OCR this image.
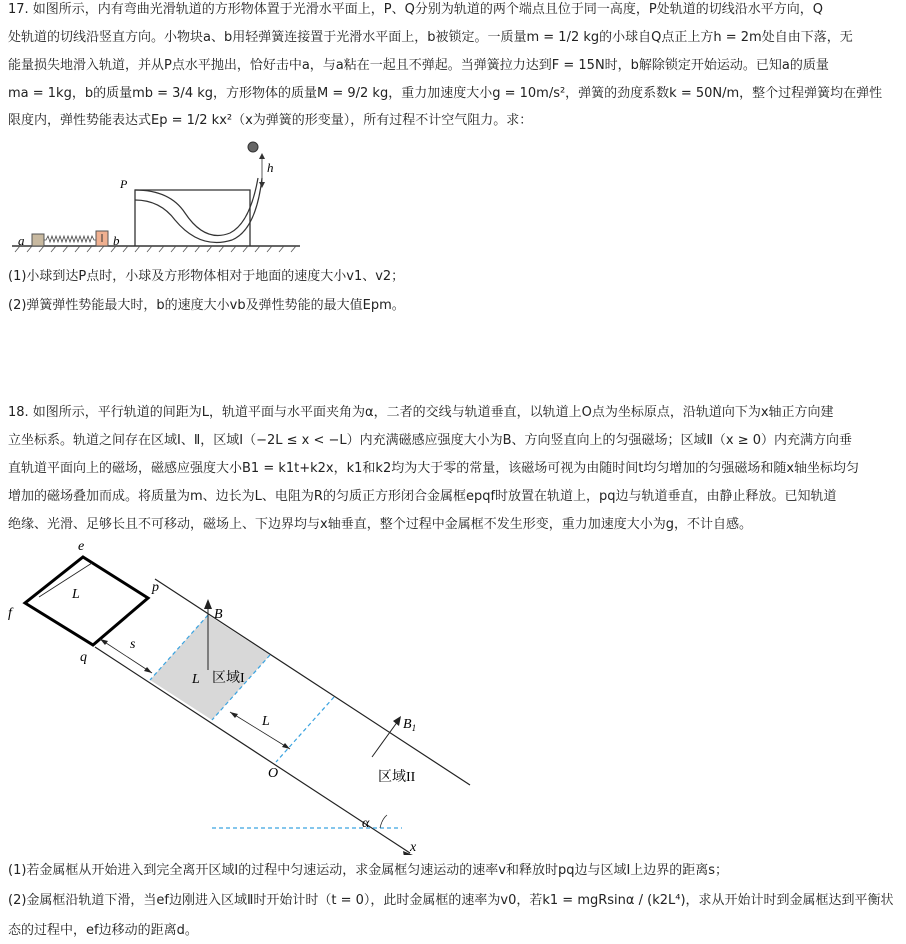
17. 如图所示，内有弯曲光滑轨道的方形物体置于光滑水平面上，P、Q分别为轨道的两个端点且位于同一高度，P处轨道的切线沿水平方向，Q
处轨道的切线沿竖直方向。小物块a、b用轻弹簧连接置于光滑水平面上，b被锁定。一质量m = 1/2 kg的小球自Q点正上方h = 2m处自由下落，无
能量损失地滑入轨道，并从P点水平抛出，恰好击中a，与a粘在一起且不弹起。当弹簧拉力达到F = 15N时，b解除锁定开始运动。已知a的质量
ma = 1kg，b的质量mb = 3/4 kg，方形物体的质量M = 9/2 kg，重力加速度大小g = 10m/s²，弹簧的劲度系数k = 50N/m，整个过程弹簧均在弹性
限度内，弹性势能表达式Ep = 1/2 kx²（x为弹簧的形变量），所有过程不计空气阻力。求：
a	b
P
h
(1)小球到达P点时，小球及方形物体相对于地面的速度大小v1、v2；
(2)弹簧弹性势能最大时，b的速度大小vb及弹性势能的最大值Epm。
18. 如图所示，平行轨道的间距为L，轨道平面与水平面夹角为α，二者的交线与轨道垂直，以轨道上O点为坐标原点，沿轨道向下为x轴正方向建
立坐标系。轨道之间存在区域Ⅰ、Ⅱ，区域Ⅰ（−2L ≤ x < −L）内充满磁感应强度大小为B、方向竖直向上的匀强磁场；区域Ⅱ（x ≥ 0）内充满方向垂
直轨道平面向上的磁场，磁感应强度大小B1 = k1t+k2x，k1和k2均为大于零的常量，该磁场可视为由随时间t均匀增加的匀强磁场和随x轴坐标均匀
增加的磁场叠加而成。将质量为m、边长为L、电阻为R的匀质正方形闭合金属框epqf时放置在轨道上，pq边与轨道垂直，由静止释放。已知轨道
绝缘、光滑、足够长且不可移动，磁场上、下边界均与x轴垂直，整个过程中金属框不发生形变，重力加速度大小为g，不计自感。
e
p
q
f
L
s
L 区域I
B
L
O
$B_1$
区域II
α
x
(1)若金属框从开始进入到完全离开区域Ⅰ的过程中匀速运动，求金属框匀速运动的速率v和释放时pq边与区域Ⅰ上边界的距离s；
(2)金属框沿轨道下滑，当ef边刚进入区域Ⅱ时开始计时（t = 0），此时金属框的速率为v0，若k1 = mgRsinα / (k2L⁴)，求从开始计时到金属框达到平衡状
态的过程中，ef边移动的距离d。
